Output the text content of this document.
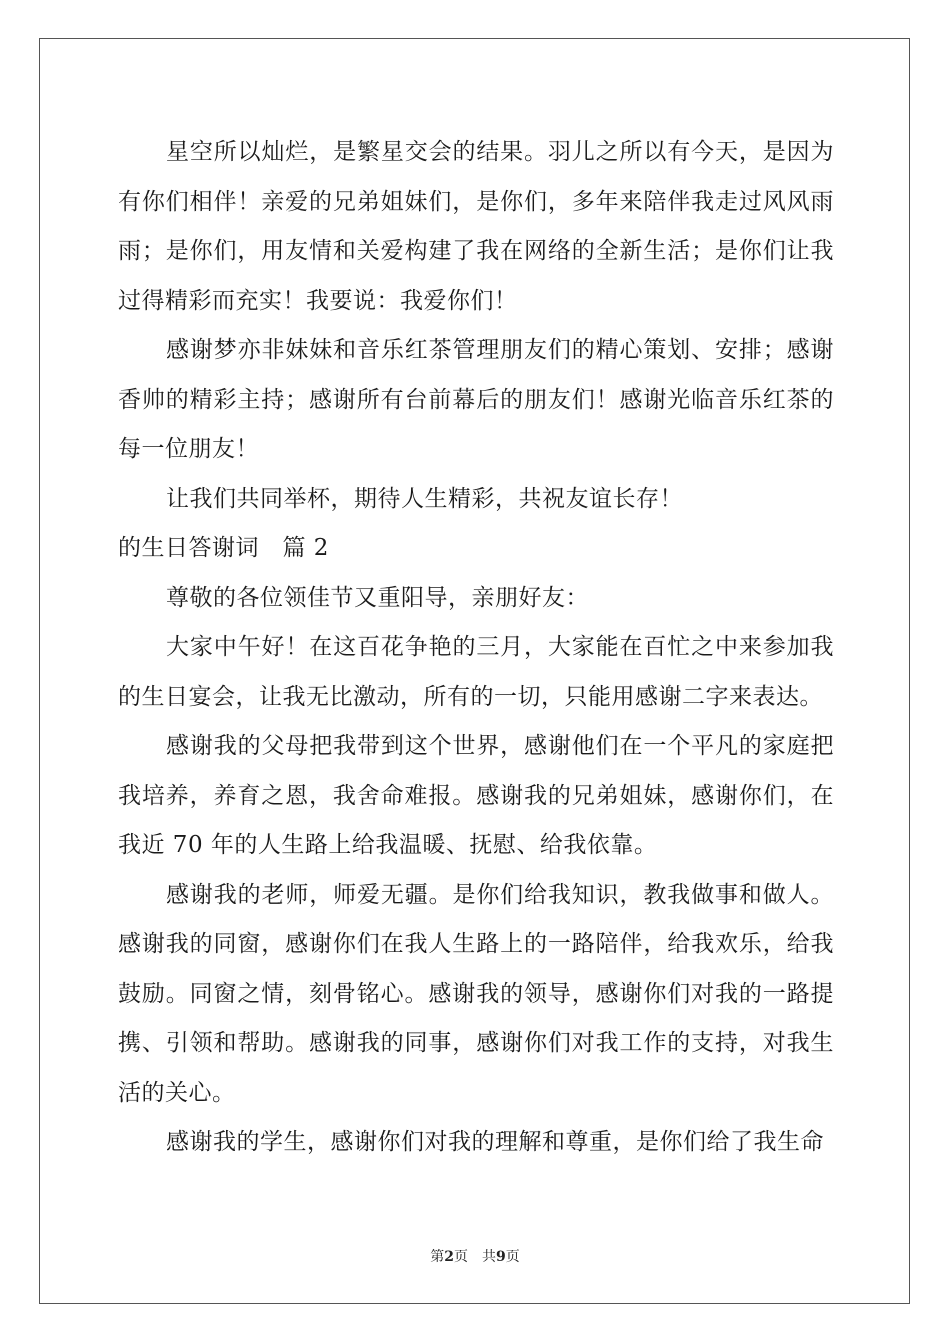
星空所以灿烂，是繁星交会的结果。羽儿之所以有今天，是因为有你们相伴！亲爱的兄弟姐妹们，是你们，多年来陪伴我走过风风雨雨；是你们，用友情和关爱构建了我在网络的全新生活；是你们让我过得精彩而充实！我要说：我爱你们！

感谢梦亦非妹妹和音乐红茶管理朋友们的精心策划、安排；感谢香帅的精彩主持；感谢所有台前幕后的朋友们！感谢光临音乐红茶的每一位朋友！

让我们共同举杯，期待人生精彩，共祝友谊长存！

的生日答谢词　篇 2

尊敬的各位领佳节又重阳导，亲朋好友：

大家中午好！在这百花争艳的三月，大家能在百忙之中来参加我的生日宴会，让我无比激动，所有的一切，只能用感谢二字来表达。

感谢我的父母把我带到这个世界，感谢他们在一个平凡的家庭把我培养，养育之恩，我舍命难报。感谢我的兄弟姐妹，感谢你们，在我近 70 年的人生路上给我温暖、抚慰、给我依靠。

感谢我的老师，师爱无疆。是你们给我知识，教我做事和做人。感谢我的同窗，感谢你们在我人生路上的一路陪伴，给我欢乐，给我鼓励。同窗之情，刻骨铭心。感谢我的领导，感谢你们对我的一路提携、引领和帮助。感谢我的同事，感谢你们对我工作的支持，对我生活的关心。

感谢我的学生，感谢你们对我的理解和尊重，是你们给了我生命

第2页 共9页
